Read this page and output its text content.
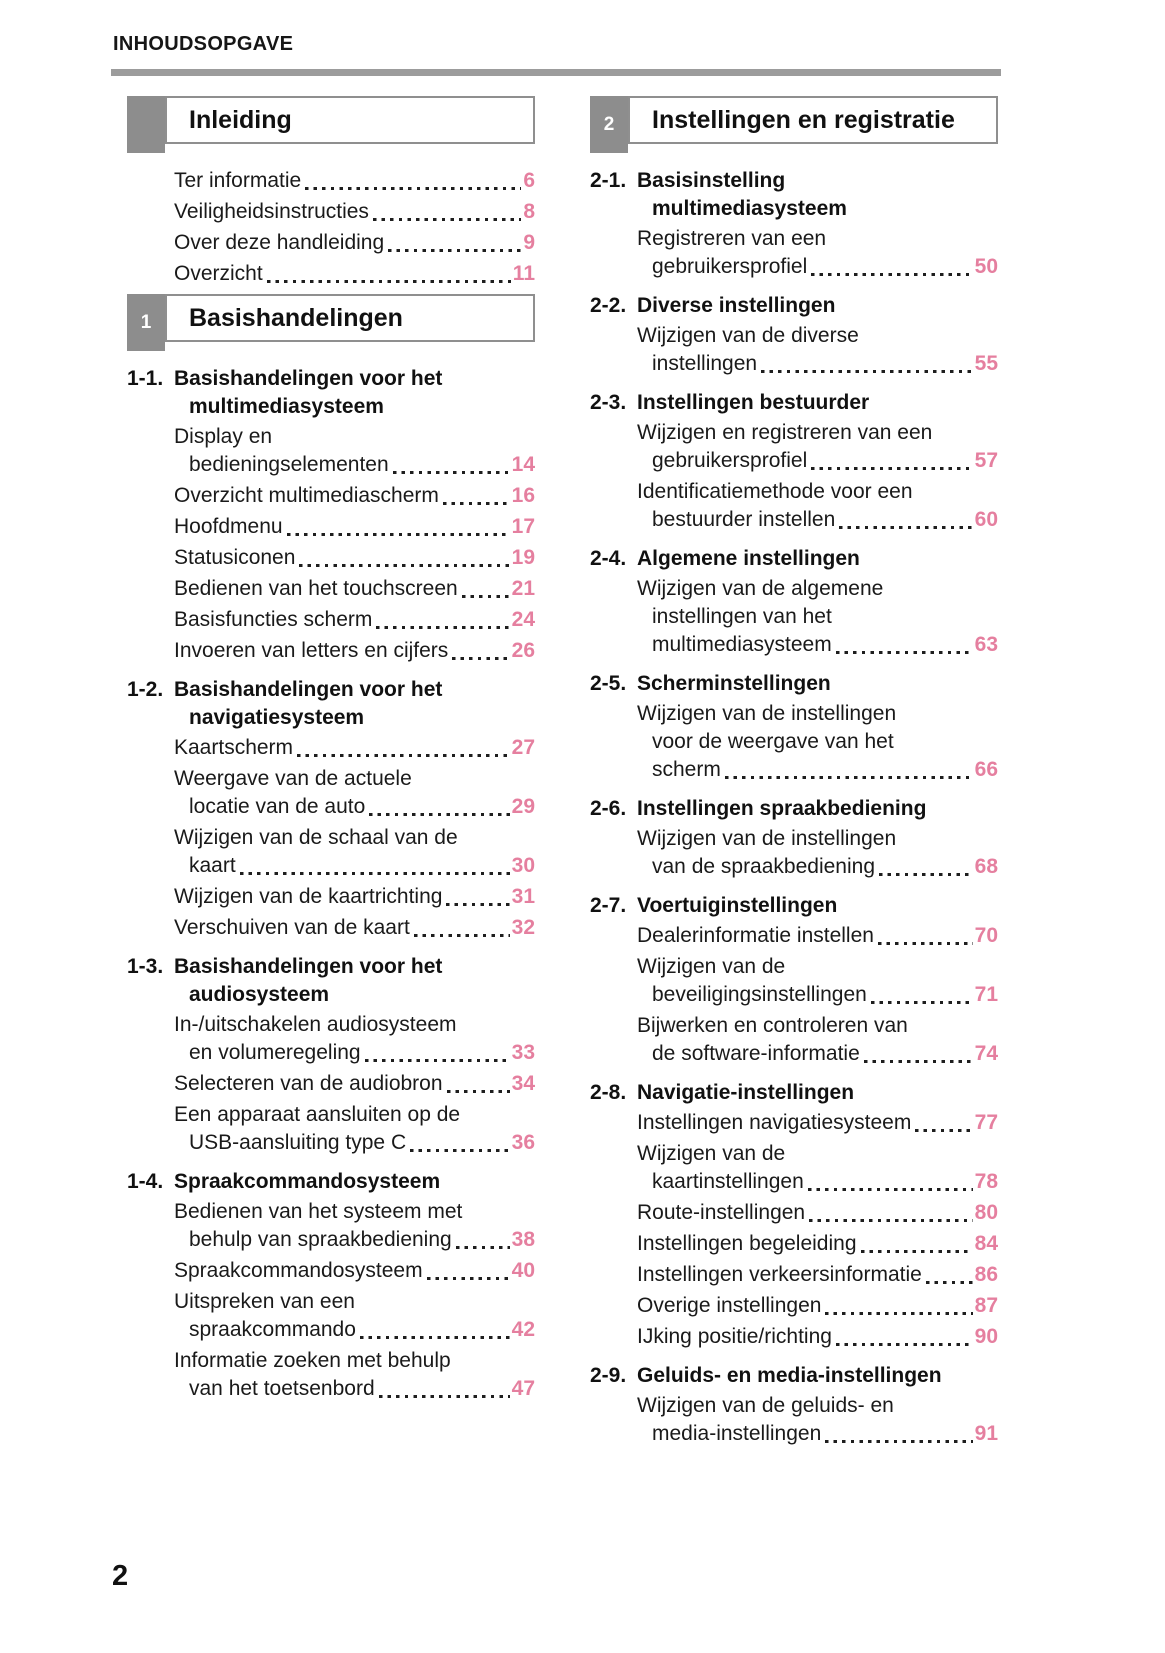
INHOUDSOPGAVE
Inleiding
Ter informatie	6
Veiligheidsinstructies	8
Over deze handleiding	9
Overzicht	11
1	Basishandelingen
1-1. Basishandelingen voor het
multimediasysteem
Display en
bedieningselementen	14
Overzicht multimediascherm	16
Hoofdmenu	17
Statusiconen	19
Bedienen van het touchscreen	21
Basisfuncties scherm	24
Invoeren van letters en cijfers	26
1-2. Basishandelingen voor het
navigatiesysteem
Kaartscherm	27
Weergave van de actuele
locatie van de auto	29
Wijzigen van de schaal van de
kaart	30
Wijzigen van de kaartrichting	31
Verschuiven van de kaart	32
1-3. Basishandelingen voor het
audiosysteem
In-/uitschakelen audiosysteem
en volumeregeling	33
Selecteren van de audiobron	34
Een apparaat aansluiten op de
USB-aansluiting type C	36
1-4. Spraakcommandosysteem
Bedienen van het systeem met
behulp van spraakbediening	38
Spraakcommandosysteem	40
Uitspreken van een
spraakcommando	42
Informatie zoeken met behulp
van het toetsenbord	47
2	Instellingen en registratie
2-1. Basisinstelling
multimediasysteem
Registreren van een
gebruikersprofiel	50
2-2. Diverse instellingen
Wijzigen van de diverse
instellingen	55
2-3. Instellingen bestuurder
Wijzigen en registreren van een
gebruikersprofiel	57
Identificatiemethode voor een
bestuurder instellen	60
2-4. Algemene instellingen
Wijzigen van de algemene
instellingen van het
multimediasysteem	63
2-5. Scherminstellingen
Wijzigen van de instellingen
voor de weergave van het
scherm	66
2-6. Instellingen spraakbediening
Wijzigen van de instellingen
van de spraakbediening	68
2-7. Voertuiginstellingen
Dealerinformatie instellen	70
Wijzigen van de
beveiligingsinstellingen	71
Bijwerken en controleren van
de software-informatie	74
2-8. Navigatie-instellingen
Instellingen navigatiesysteem	77
Wijzigen van de
kaartinstellingen	78
Route-instellingen	80
Instellingen begeleiding	84
Instellingen verkeersinformatie	86
Overige instellingen	87
IJking positie/richting	90
2-9. Geluids- en media-instellingen
Wijzigen van de geluids- en
media-instellingen	91
2
